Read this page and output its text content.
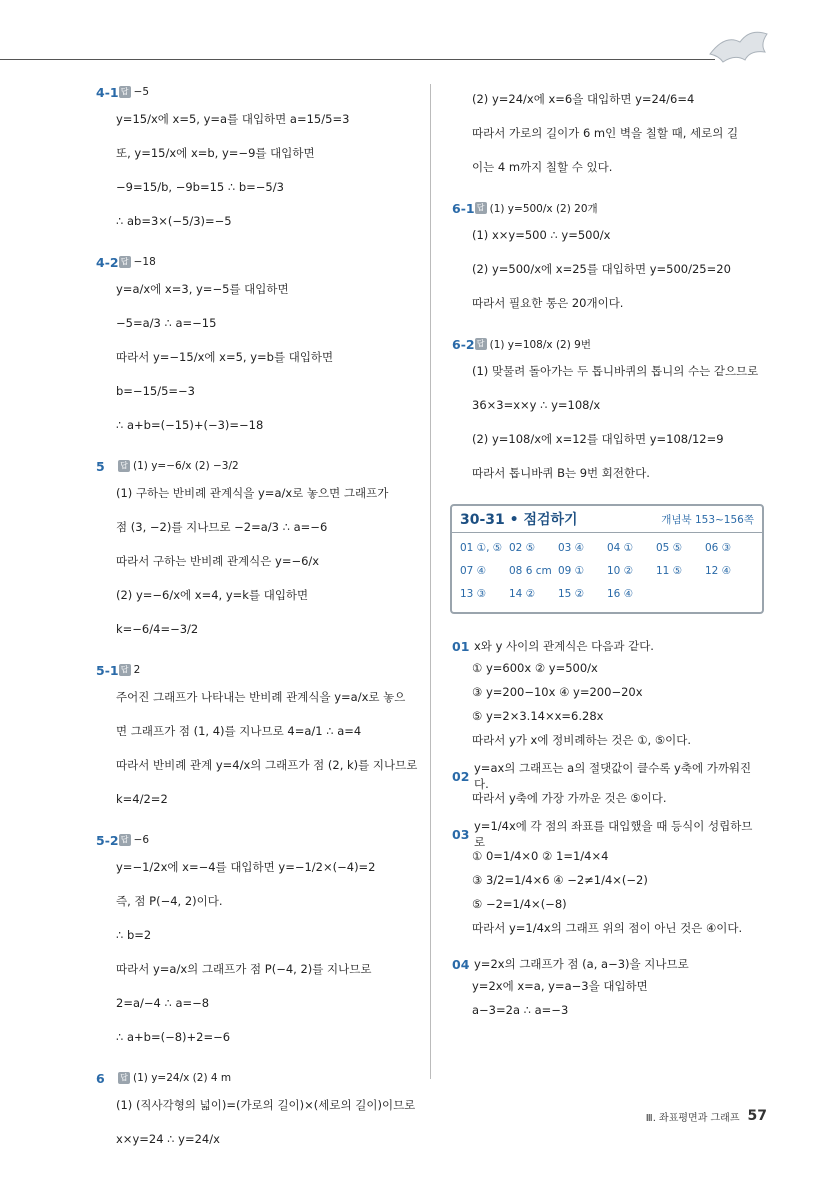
4-1 답 −5
y=15/x에 x=5, y=a를 대입하면 a=15/5=3
또, y=15/x에 x=b, y=−9를 대입하면
−9=15/b, −9b=15 ∴ b=−5/3
∴ ab=3×(−5/3)=−5
4-2 답 −18
y=a/x에 x=3, y=−5를 대입하면
−5=a/3 ∴ a=−15
따라서 y=−15/x에 x=5, y=b를 대입하면
b=−15/5=−3
∴ a+b=(−15)+(−3)=−18
5	답 (1) y=−6/x (2) −3/2
(1) 구하는 반비례 관계식을 y=a/x로 놓으면 그래프가
점 (3, −2)를 지나므로 −2=a/3 ∴ a=−6
따라서 구하는 반비례 관계식은 y=−6/x
(2) y=−6/x에 x=4, y=k를 대입하면
k=−6/4=−3/2
5-1 답 2
주어진 그래프가 나타내는 반비례 관계식을 y=a/x로 놓으
면 그래프가 점 (1, 4)를 지나므로 4=a/1 ∴ a=4
따라서 반비례 관계 y=4/x의 그래프가 점 (2, k)를 지나므로
k=4/2=2
5-2 답 −6
y=−1/2x에 x=−4를 대입하면 y=−1/2×(−4)=2
즉, 점 P(−4, 2)이다.
∴ b=2
따라서 y=a/x의 그래프가 점 P(−4, 2)를 지나므로
2=a/−4 ∴ a=−8
∴ a+b=(−8)+2=−6
6	답 (1) y=24/x (2) 4 m
(1) (직사각형의 넓이)=(가로의 길이)×(세로의 길이)이므로
x×y=24 ∴ y=24/x
(2) y=24/x에 x=6을 대입하면 y=24/6=4
따라서 가로의 길이가 6 m인 벽을 칠할 때, 세로의 길
이는 4 m까지 칠할 수 있다.
6-1 답 (1) y=500/x (2) 20개
(1) x×y=500 ∴ y=500/x
(2) y=500/x에 x=25를 대입하면 y=500/25=20
따라서 필요한 통은 20개이다.
6-2 답 (1) y=108/x (2) 9번
(1) 맞물려 돌아가는 두 톱니바퀴의 톱니의 수는 같으므로
36×3=x×y ∴ y=108/x
(2) y=108/x에 x=12를 대입하면 y=108/12=9
따라서 톱니바퀴 B는 9번 회전한다.
30-31 • 점검하기	개념북 153~156쪽
01 ①, ⑤ 02 ⑤	03 ④	04 ①	05 ⑤	06 ③
07 ④	08 6 cm 09 ①	10 ②	11 ⑤	12 ④
13 ③	14 ②	15 ②	16 ④
01 x와 y 사이의 관계식은 다음과 같다.
① y=600x ② y=500/x
③ y=200−10x ④ y=200−20x
⑤ y=2×3.14×x=6.28x
따라서 y가 x에 정비례하는 것은 ①, ⑤이다.
02
y=ax의 그래프는 a의 절댓값이 클수록 y축에 가까워진다.
따라서 y축에 가장 가까운 것은 ⑤이다.
03
y=1/4x에 각 점의 좌표를 대입했을 때 등식이 성립하므로
① 0=1/4×0 ② 1=1/4×4
③ 3/2=1/4×6 ④ −2≠1/4×(−2)
⑤ −2=1/4×(−8)
따라서 y=1/4x의 그래프 위의 점이 아닌 것은 ④이다.
04 y=2x의 그래프가 점 (a, a−3)을 지나므로
y=2x에 x=a, y=a−3을 대입하면
a−3=2a ∴ a=−3
Ⅲ. 좌표평면과 그래프 57
